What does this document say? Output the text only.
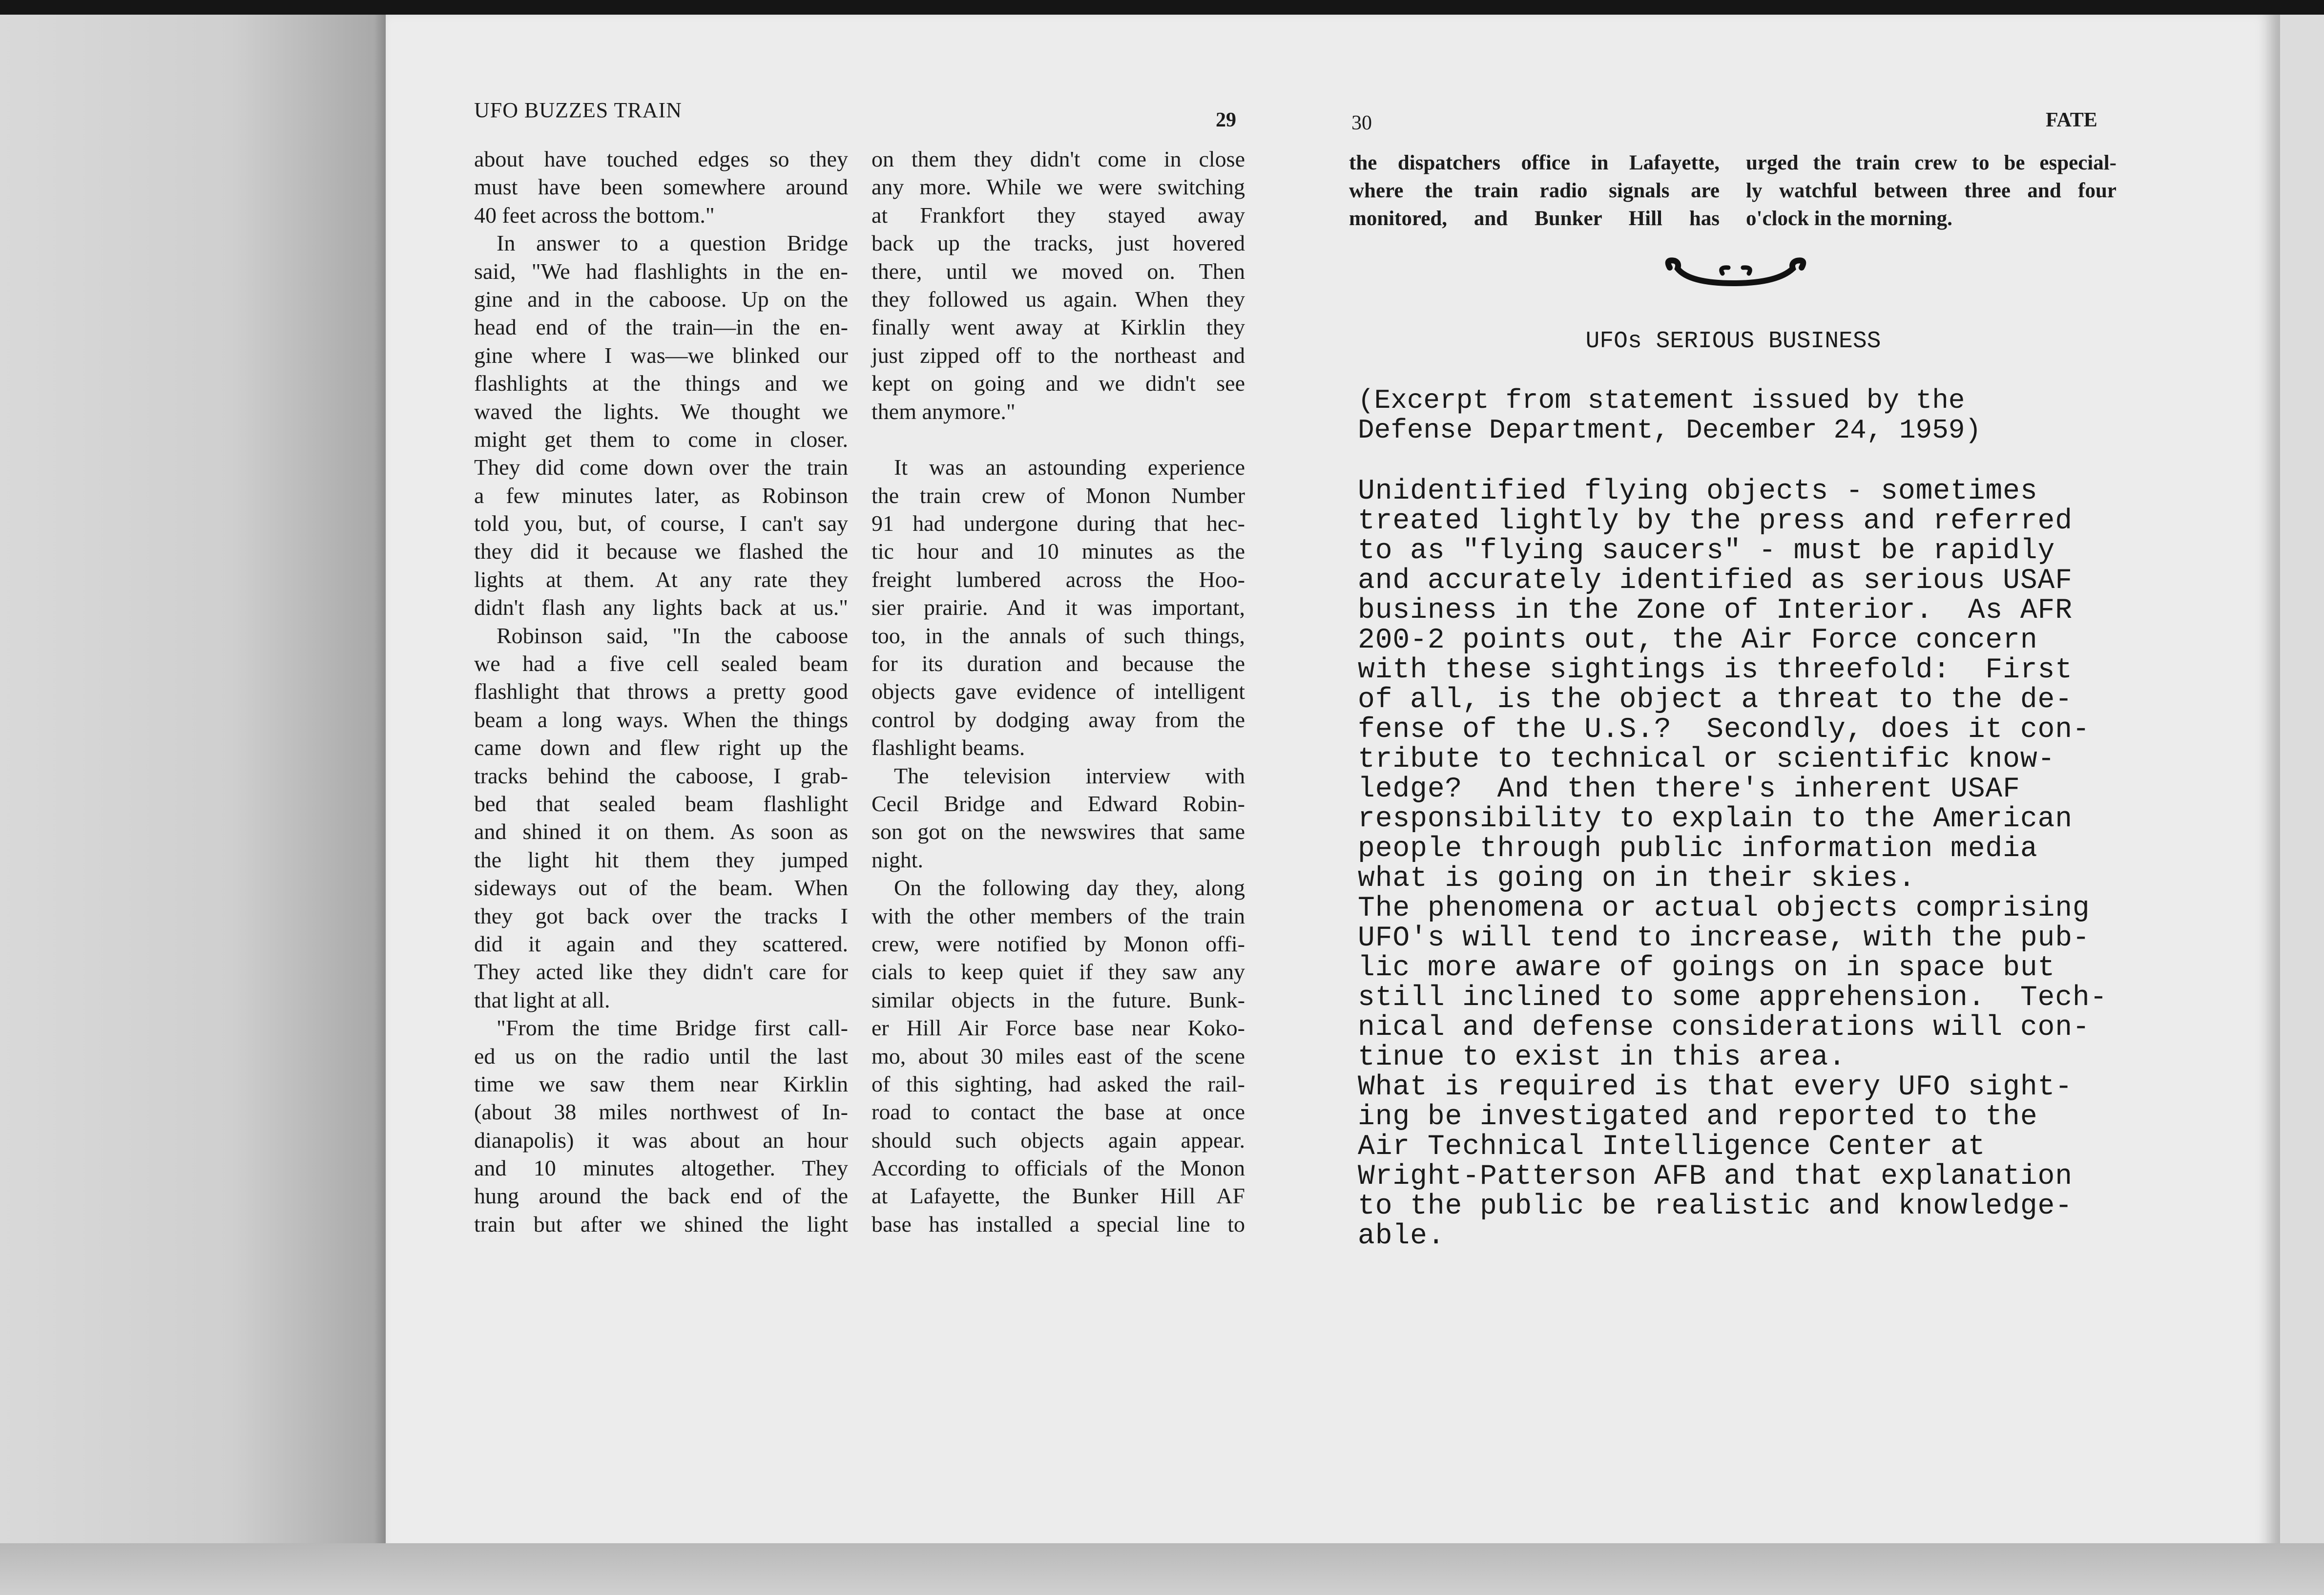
UFO BUZZES TRAIN	29	30	FATE
about have touched edges so they
must have been somewhere around
40 feet across the bottom."
In answer to a question Bridge
said, "We had flashlights in the en-
gine and in the caboose. Up on the
head end of the train—in the en-
gine where I was—we blinked our
flashlights at the things and we
waved the lights. We thought we
might get them to come in closer.
They did come down over the train
a few minutes later, as Robinson
told you, but, of course, I can't say
they did it because we flashed the
lights at them. At any rate they
didn't flash any lights back at us."
Robinson said, "In the caboose
we had a five cell sealed beam
flashlight that throws a pretty good
beam a long ways. When the things
came down and flew right up the
tracks behind the caboose, I grab-
bed that sealed beam flashlight
and shined it on them. As soon as
the light hit them they jumped
sideways out of the beam. When
they got back over the tracks I
did it again and they scattered.
They acted like they didn't care for
that light at all.
"From the time Bridge first call-
ed us on the radio until the last
time we saw them near Kirklin
(about 38 miles northwest of In-
dianapolis) it was about an hour
and 10 minutes altogether. They
hung around the back end of the
train but after we shined the light
on them they didn't come in close
any more. While we were switching
at Frankfort they stayed away
back up the tracks, just hovered
there, until we moved on. Then
they followed us again. When they
finally went away at Kirklin they
just zipped off to the northeast and
kept on going and we didn't see
them anymore."
It was an astounding experience
the train crew of Monon Number
91 had undergone during that hec-
tic hour and 10 minutes as the
freight lumbered across the Hoo-
sier prairie. And it was important,
too, in the annals of such things,
for its duration and because the
objects gave evidence of intelligent
control by dodging away from the
flashlight beams.
The television interview with
Cecil Bridge and Edward Robin-
son got on the newswires that same
night.
On the following day they, along
with the other members of the train
crew, were notified by Monon offi-
cials to keep quiet if they saw any
similar objects in the future. Bunk-
er Hill Air Force base near Koko-
mo, about 30 miles east of the scene
of this sighting, had asked the rail-
road to contact the base at once
should such objects again appear.
According to officials of the Monon
at Lafayette, the Bunker Hill AF
base has installed a special line to
the dispatchers office in Lafayette,
where the train radio signals are
monitored, and Bunker Hill has
urged the train crew to be especial-
ly watchful between three and four
o'clock in the morning.
UFOs SERIOUS BUSINESS
(Excerpt from statement issued by the
Defense Department, December 24, 1959)
Unidentified flying objects - sometimes
treated lightly by the press and referred
to as "flying saucers" - must be rapidly
and accurately identified as serious USAF
business in the Zone of Interior.  As AFR
200-2 points out, the Air Force concern
with these sightings is threefold:  First
of all, is the object a threat to the de-
fense of the U.S.?  Secondly, does it con-
tribute to technical or scientific know-
ledge?  And then there's inherent USAF
responsibility to explain to the American
people through public information media
what is going on in their skies.
The phenomena or actual objects comprising
UFO's will tend to increase, with the pub-
lic more aware of goings on in space but
still inclined to some apprehension.  Tech-
nical and defense considerations will con-
tinue to exist in this area.
What is required is that every UFO sight-
ing be investigated and reported to the
Air Technical Intelligence Center at
Wright-Patterson AFB and that explanation
to the public be realistic and knowledge-
able.
